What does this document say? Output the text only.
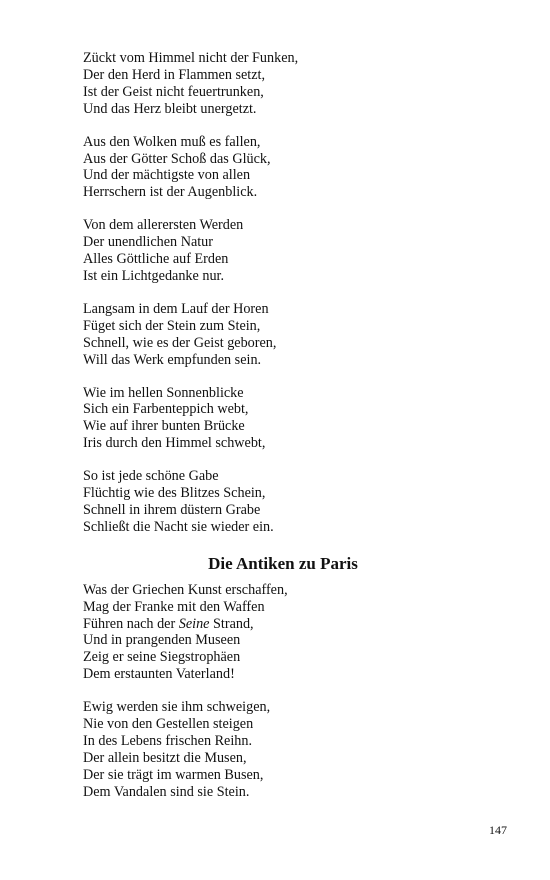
Zückt vom Himmel nicht der Funken,
Der den Herd in Flammen setzt,
Ist der Geist nicht feuertrunken,
Und das Herz bleibt unergetzt.
Aus den Wolken muß es fallen,
Aus der Götter Schoß das Glück,
Und der mächtigste von allen
Herrschern ist der Augenblick.
Von dem allerersten Werden
Der unendlichen Natur
Alles Göttliche auf Erden
Ist ein Lichtgedanke nur.
Langsam in dem Lauf der Horen
Füget sich der Stein zum Stein,
Schnell, wie es der Geist geboren,
Will das Werk empfunden sein.
Wie im hellen Sonnenblicke
Sich ein Farbenteppich webt,
Wie auf ihrer bunten Brücke
Iris durch den Himmel schwebt,
So ist jede schöne Gabe
Flüchtig wie des Blitzes Schein,
Schnell in ihrem düstern Grabe
Schließt die Nacht sie wieder ein.
Die Antiken zu Paris
Was der Griechen Kunst erschaffen,
Mag der Franke mit den Waffen
Führen nach der Seine Strand,
Und in prangenden Museen
Zeig er seine Siegstrophäen
Dem erstaunten Vaterland!
Ewig werden sie ihm schweigen,
Nie von den Gestellen steigen
In des Lebens frischen Reihn.
Der allein besitzt die Musen,
Der sie trägt im warmen Busen,
Dem Vandalen sind sie Stein.
147
